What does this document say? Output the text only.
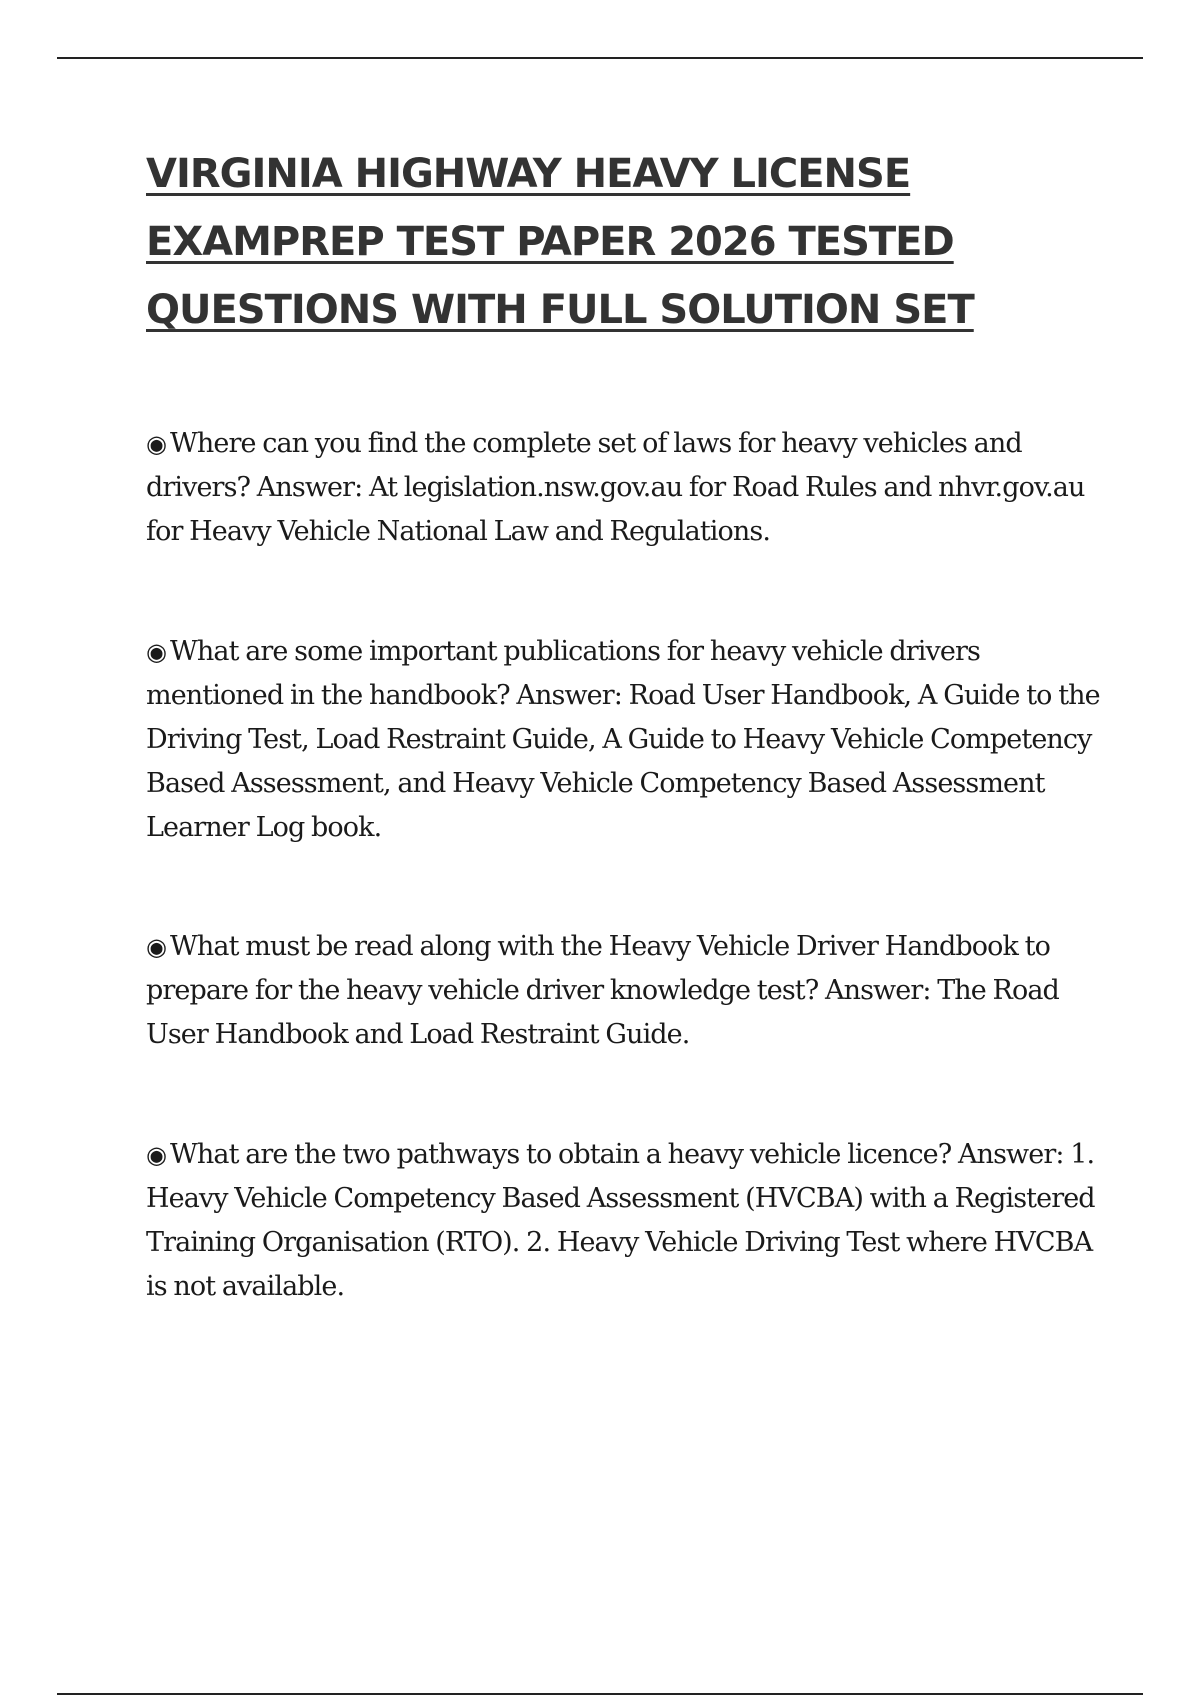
VIRGINIA HIGHWAY HEAVY LICENSE
EXAMPREP TEST PAPER 2026 TESTED
QUESTIONS WITH FULL SOLUTION SET

◉ Where can you find the complete set of laws for heavy vehicles and drivers? Answer: At legislation.nsw.gov.au for Road Rules and nhvr.gov.au for Heavy Vehicle National Law and Regulations.

◉ What are some important publications for heavy vehicle drivers mentioned in the handbook? Answer: Road User Handbook, A Guide to the Driving Test, Load Restraint Guide, A Guide to Heavy Vehicle Competency Based Assessment, and Heavy Vehicle Competency Based Assessment Learner Log book.

◉ What must be read along with the Heavy Vehicle Driver Handbook to prepare for the heavy vehicle driver knowledge test? Answer: The Road User Handbook and Load Restraint Guide.

◉ What are the two pathways to obtain a heavy vehicle licence? Answer: 1. Heavy Vehicle Competency Based Assessment (HVCBA) with a Registered Training Organisation (RTO). 2. Heavy Vehicle Driving Test where HVCBA is not available.
